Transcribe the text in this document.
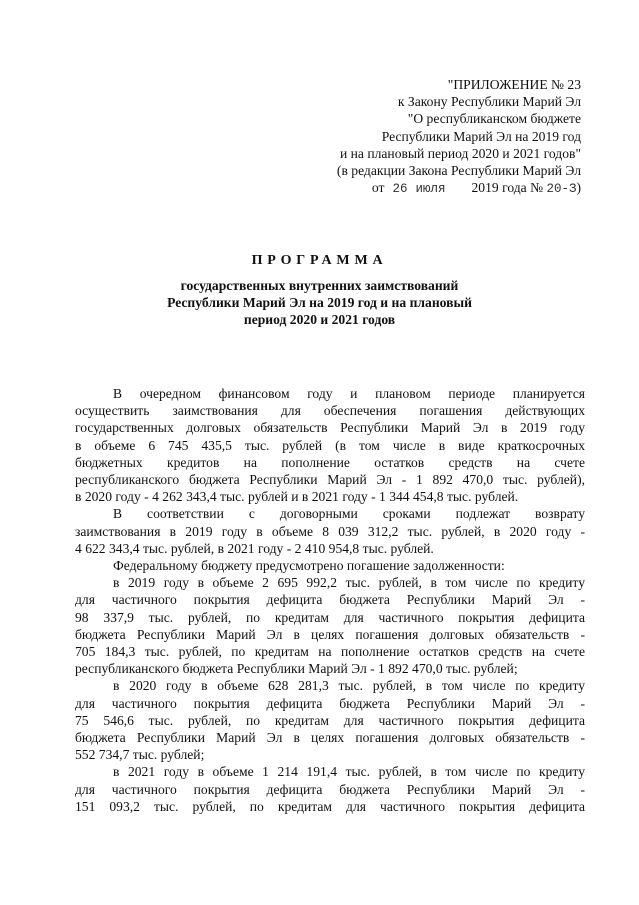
"ПРИЛОЖЕНИЕ № 23
к Закону Республики Марий Эл
"О республиканском бюджете
Республики Марий Эл на 2019 год
и на плановый период 2020 и 2021 годов"
(в редакции Закона Республики Марий Эл
от 26 июля 2019 года № 20-З)
ПРОГРАММА
государственных внутренних заимствований
Республики Марий Эл на 2019 год и на плановый
период 2020 и 2021 годов

В очередном финансовом году и плановом периоде планируется

осуществить заимствования для обеспечения погашения действующих

государственных долговых обязательств Республики Марий Эл в 2019 году

в объеме 6 745 435,5 тыс. рублей (в том числе в виде краткосрочных

бюджетных кредитов на пополнение остатков средств на счете

республиканского бюджета Республики Марий Эл - 1 892 470,0 тыс. рублей),

в 2020 году - 4 262 343,4 тыс. рублей и в 2021 году - 1 344 454,8 тыс. рублей.

В соответствии с договорными сроками подлежат возврату

заимствования в 2019 году в объеме 8 039 312,2 тыс. рублей, в 2020 году -

4 622 343,4 тыс. рублей, в 2021 году - 2 410 954,8 тыс. рублей.

Федеральному бюджету предусмотрено погашение задолженности:

в 2019 году в объеме 2 695 992,2 тыс. рублей, в том числе по кредиту

для частичного покрытия дефицита бюджета Республики Марий Эл -

98 337,9 тыс. рублей, по кредитам для частичного покрытия дефицита

бюджета Республики Марий Эл в целях погашения долговых обязательств -

705 184,3 тыс. рублей, по кредитам на пополнение остатков средств на счете

республиканского бюджета Республики Марий Эл - 1 892 470,0 тыс. рублей;

в 2020 году в объеме 628 281,3 тыс. рублей, в том числе по кредиту

для частичного покрытия дефицита бюджета Республики Марий Эл -

75 546,6 тыс. рублей, по кредитам для частичного покрытия дефицита

бюджета Республики Марий Эл в целях погашения долговых обязательств -

552 734,7 тыс. рублей;

в 2021 году в объеме 1 214 191,4 тыс. рублей, в том числе по кредиту

для частичного покрытия дефицита бюджета Республики Марий Эл -

151 093,2 тыс. рублей, по кредитам для частичного покрытия дефицита
